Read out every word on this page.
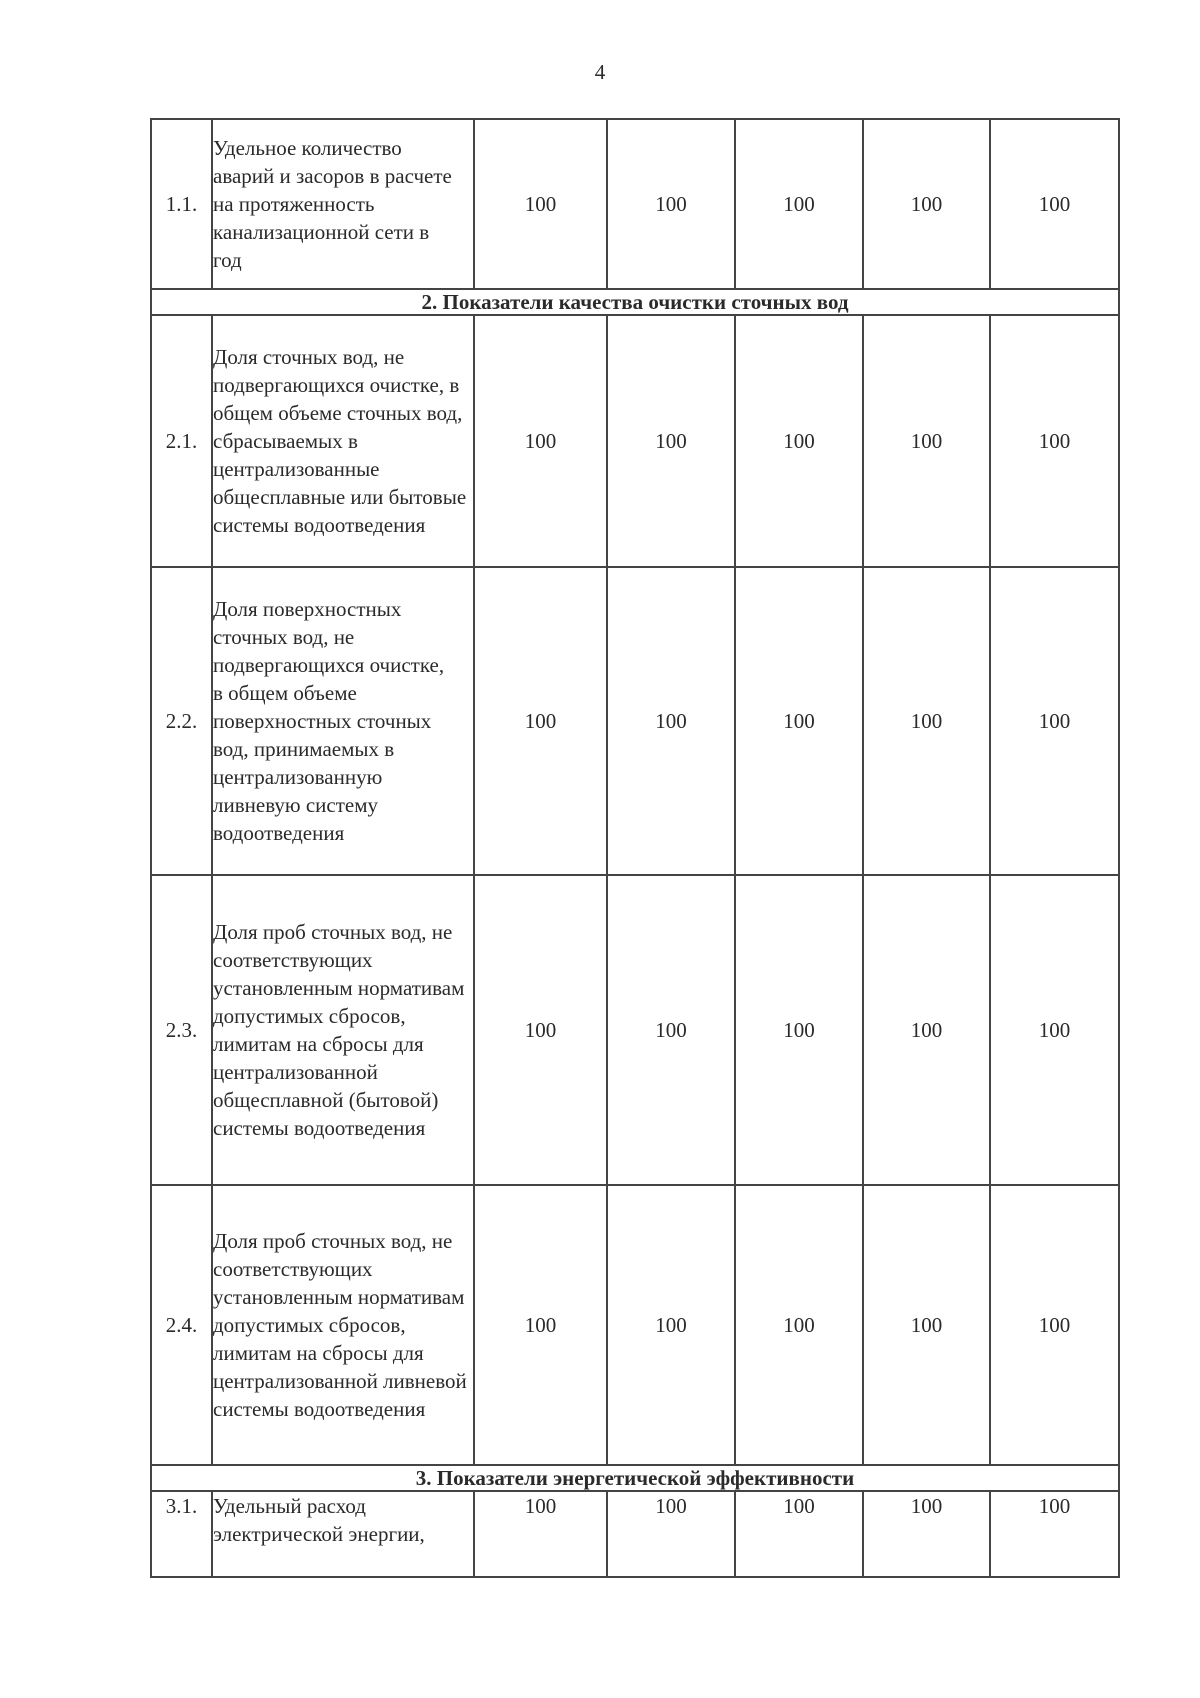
4
1.1.	Удельное количество аварий и засоров в расчете на протяженность канализационной сети в год	100	100	100	100	100
2. Показатели качества очистки сточных вод						
2.1.	Доля сточных вод, не подвергающихся очистке, в общем объеме сточных вод, сбрасываемых в централизованные общесплавные или бытовые системы водоотведения	100	100	100	100	100
2.2.	Доля поверхностных сточных вод, не подвергающихся очистке, в общем объеме поверхностных сточных вод, принимаемых в централизованную ливневую систему водоотведения	100	100	100	100	100
2.3.	Доля проб сточных вод, не соответствующих установленным нормативам допустимых сбросов, лимитам на сбросы для централизованной общесплавной (бытовой) системы водоотведения	100	100	100	100	100
2.4.	Доля проб сточных вод, не соответствующих установленным нормативам допустимых сбросов, лимитам на сбросы для централизованной ливневой системы водоотведения	100	100	100	100	100
3. Показатели энергетической эффективности						
3.1.	Удельный расход электрической энергии,	100	100	100	100	100
